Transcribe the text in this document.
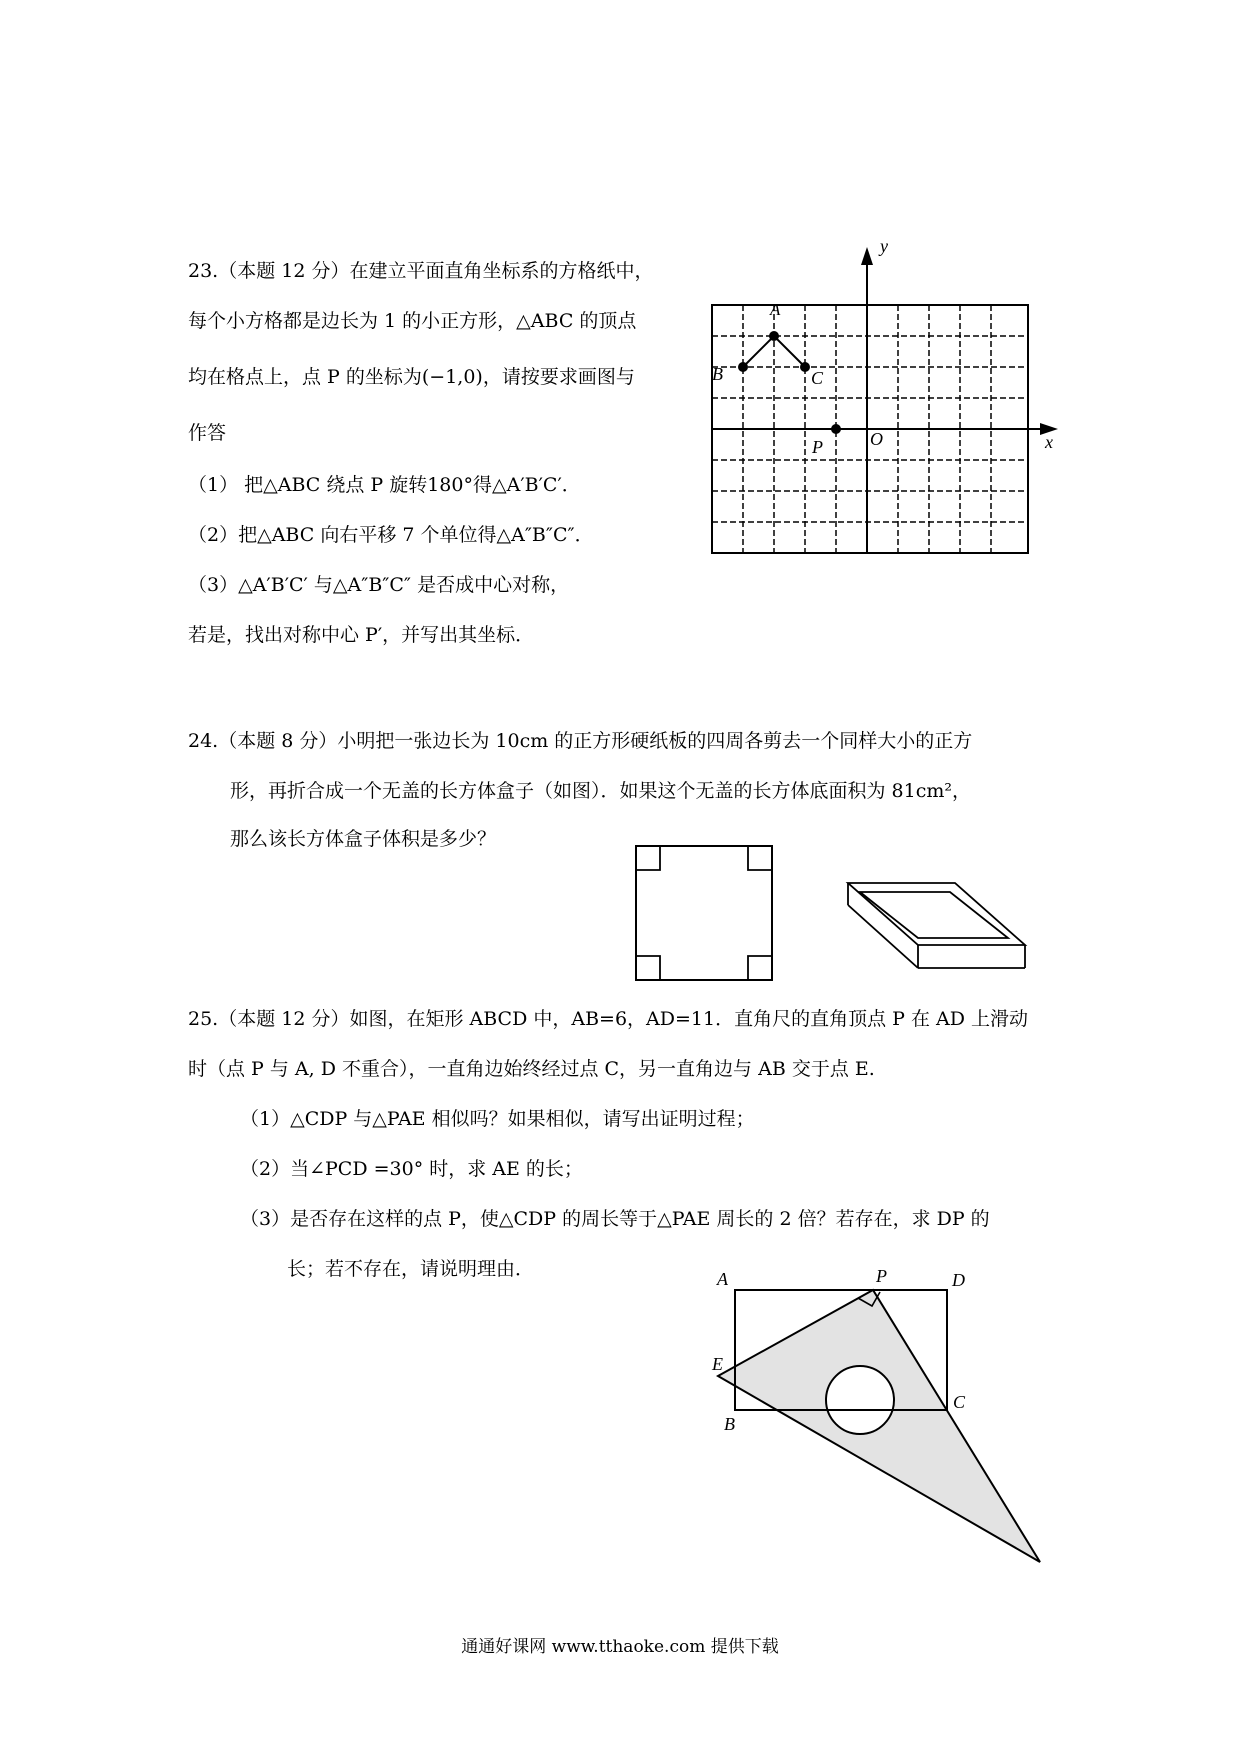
23.（本题 12 分）在建立平面直角坐标系的方格纸中，
每个小方格都是边长为 1 的小正方形，△ABC 的顶点
均在格点上，点 P 的坐标为(−1,0)，请按要求画图与
作答
（1） 把△ABC 绕点 P 旋转180°得△A′B′C′．
（2）把△ABC 向右平移 7 个单位得△A″B″C″．
（3）△A′B′C′ 与△A″B″C″ 是否成中心对称，
若是，找出对称中心 P′，并写出其坐标．
y
x
O
A
B	C
P
24.（本题 8 分）小明把一张边长为 10cm 的正方形硬纸板的四周各剪去一个同样大小的正方
形，再折合成一个无盖的长方体盒子（如图）．如果这个无盖的长方体底面积为 81cm²，
那么该长方体盒子体积是多少？
25.（本题 12 分）如图，在矩形 ABCD 中，AB=6，AD=11．直角尺的直角顶点 P 在 AD 上滑动
时（点 P 与 A, D 不重合），一直角边始终经过点 C，另一直角边与 AB 交于点 E.
（1）△CDP 与△PAE 相似吗？如果相似，请写出证明过程；
（2）当∠PCD =30° 时，求 AE 的长；
（3）是否存在这样的点 P，使△CDP 的周长等于△PAE 周长的 2 倍？若存在，求 DP 的
长；若不存在，请说明理由．	A	P	D
E
C
B
通通好课网 www.tthaoke.com 提供下载
